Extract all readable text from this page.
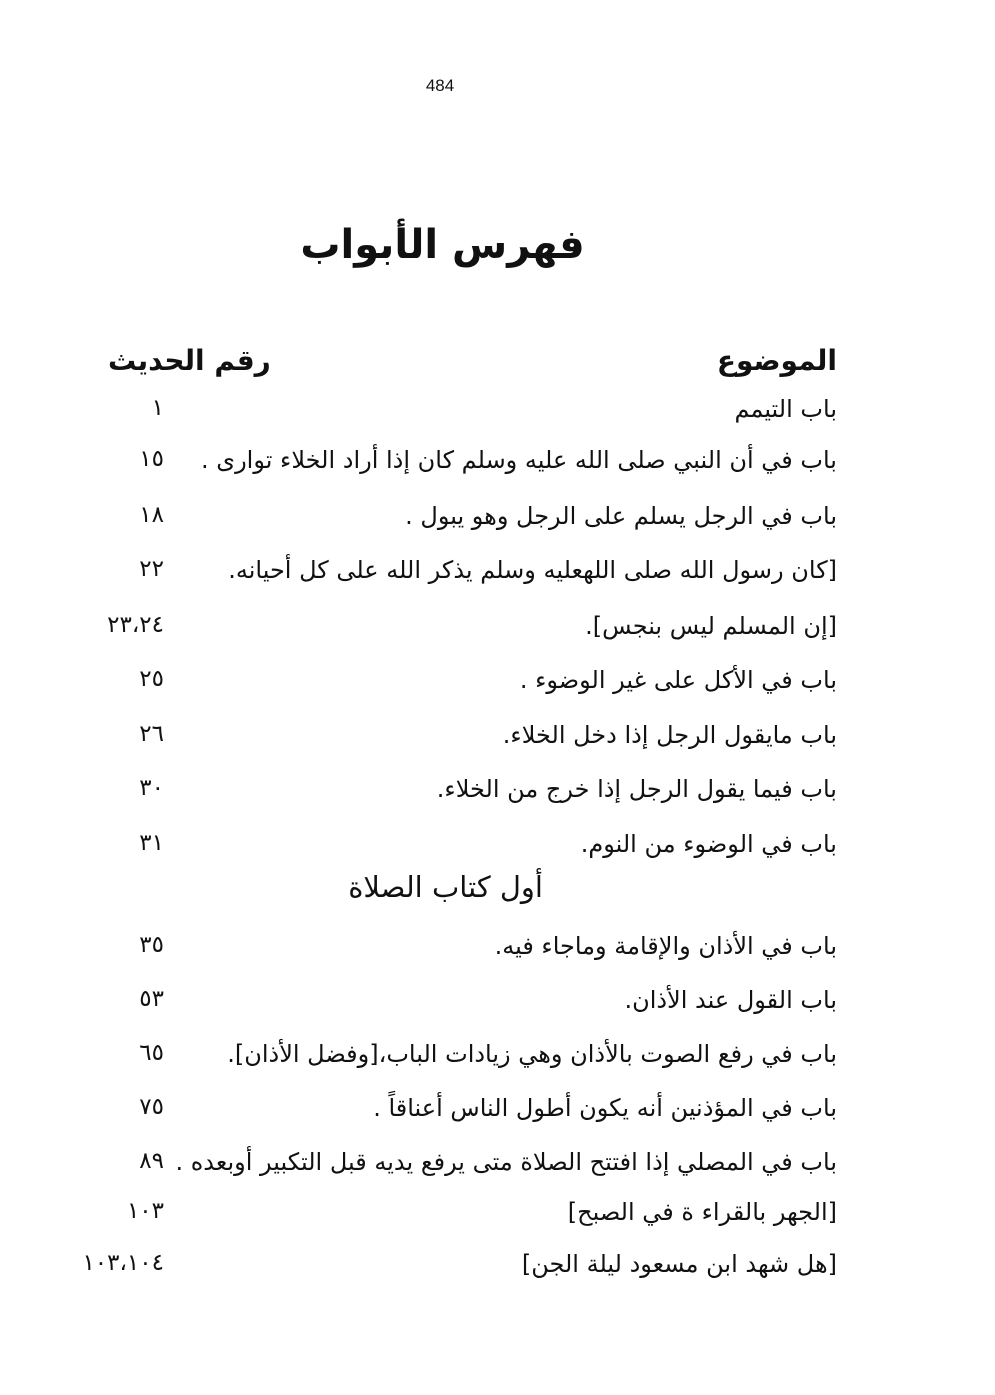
484
فهرس الأبواب
الموضوع
رقم الحديث
باب التيمم
١
باب في أن النبي صلى الله عليه وسلم كان إذا أراد الخلاء توارى .
١٥
باب في الرجل يسلم على الرجل وهو يبول .
١٨
[كان رسول الله صلى اللهعليه وسلم يذكر الله على كل أحيانه.
٢٢
[إن المسلم ليس بنجس].
٢٣،٢٤
باب في الأكل على غير الوضوء .
٢٥
باب مايقول الرجل إذا دخل الخلاء.
٢٦
باب فيما يقول الرجل إذا خرج من الخلاء.
٣٠
باب في الوضوء من النوم.
٣١
أول كتاب الصلاة
باب في الأذان والإقامة وماجاء فيه.
٣٥
باب القول عند الأذان.
٥٣
باب في رفع الصوت بالأذان وهي زيادات الباب،[وفضل الأذان].
٦٥
باب في المؤذنين أنه يكون أطول الناس أعناقاً .
٧٥
باب في المصلي إذا افتتح الصلاة متى يرفع يديه قبل التكبير أوبعده .
٨٩
[الجهر بالقراء ة في الصبح]
١٠٣
[هل شهد ابن مسعود ليلة الجن]
١٠٣،١٠٤
